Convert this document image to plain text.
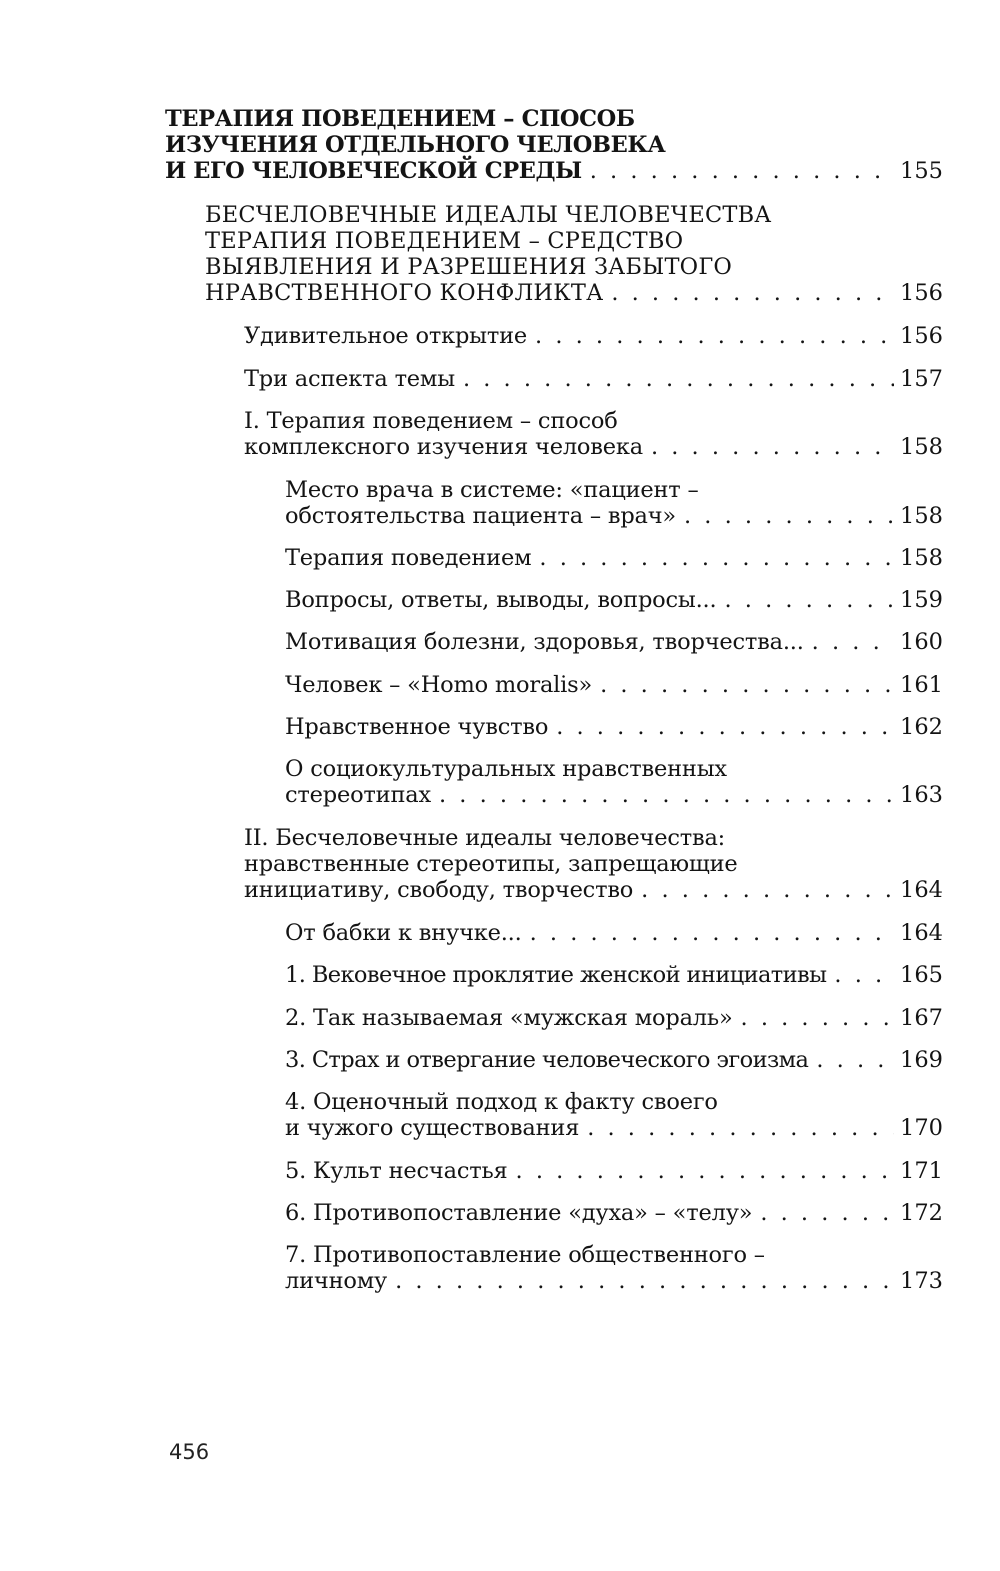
ТЕРАПИЯ ПОВЕДЕНИЕМ – СПОСОБ
ИЗУЧЕНИЯ ОТДЕЛЬНОГО ЧЕЛОВЕКА
И ЕГО ЧЕЛОВЕЧЕСКОЙ СРЕДЫ . . .	155
БЕСЧЕЛОВЕЧНЫЕ ИДЕАЛЫ ЧЕЛОВЕЧЕСТВА
ТЕРАПИЯ ПОВЕДЕНИЕМ – СРЕДСТВО
ВЫЯВЛЕНИЯ И РАЗРЕШЕНИЯ ЗАБЫТОГО
НРАВСТВЕННОГО КОНФЛИКТА . . .	156
Удивительное открытие . . .	156
Три аспекта темы . . .	157
I. Терапия поведением – способ
комплексного изучения человека . . .	158
Место врача в системе: «пациент –
обстоятельства пациента – врач» . . .	158
Терапия поведением . . .	158
Вопросы, ответы, выводы, вопросы... . . .	159
Мотивация болезни, здоровья, творчества... . . .	160
Человек – «Homo moralis» . . .	161
Нравственное чувство . . .	162
О социокультуральных нравственных
стереотипах . . .	163
II. Бесчеловечные идеалы человечества:
нравственные стереотипы, запрещающие
инициативу, свободу, творчество . . .	164
От бабки к внучке... . . .	164
1. Вековечное проклятие женской инициативы . . .	165
2. Так называемая «мужская мораль» . . .	167
3. Страх и отвергание человеческого эгоизма . . .	169
4. Оценочный подход к факту своего
и чужого существования . . .	170
5. Культ несчастья . . .	171
6. Противопоставление «духа» – «телу» . . .	172
7. Противопоставление общественного –
личному . . .	173
456
